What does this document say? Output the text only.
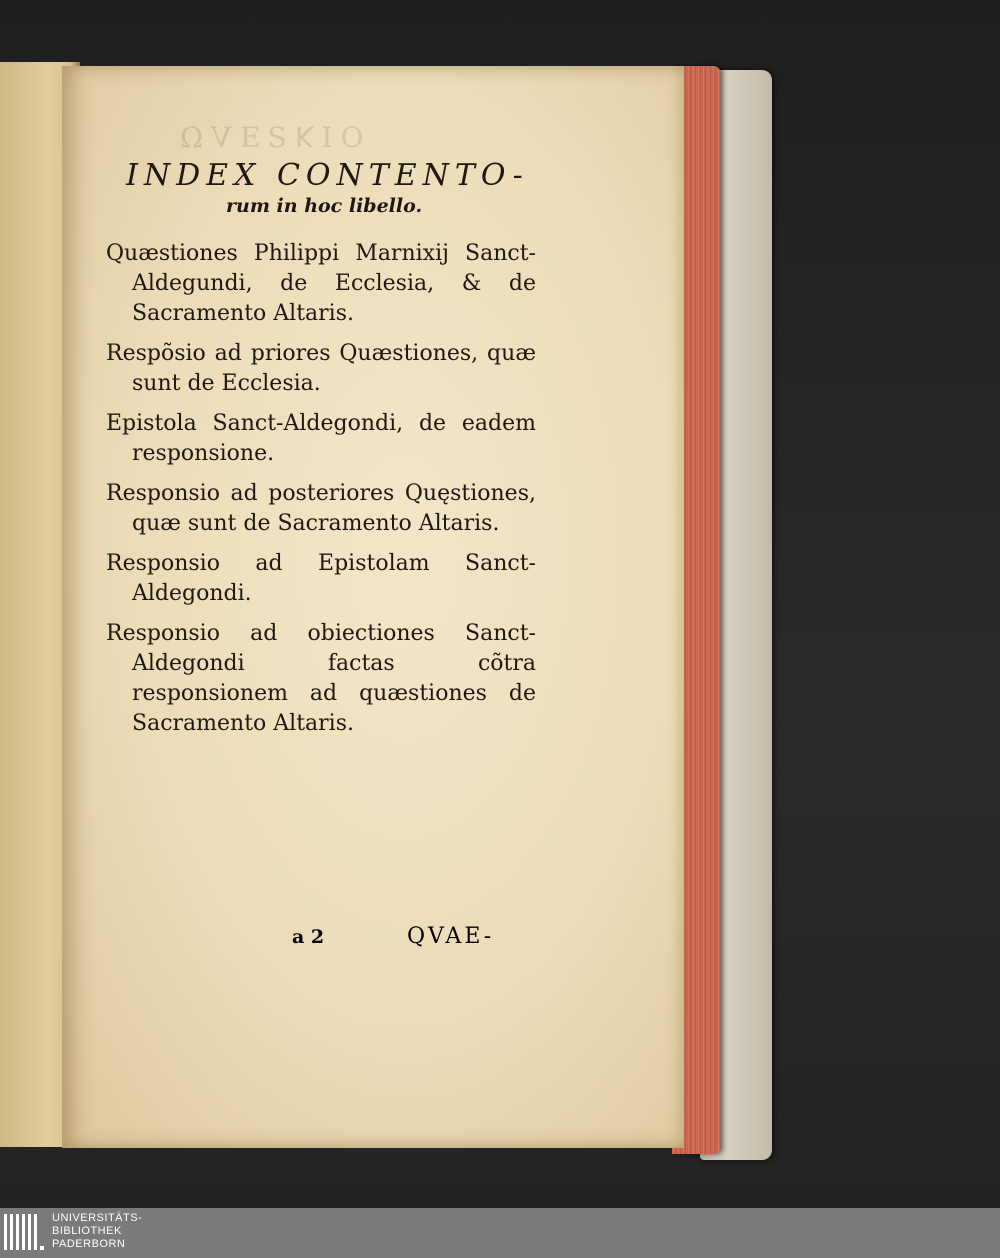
OIꓘƧƎVΩ
INDEX CONTENTO-
rum in hoc libello.
Quæstiones Philippi Marnixij Sanct-Aldegundi, de Ecclesia, & de Sacramento Altaris.
Respõsio ad priores Quæstiones, quæ sunt de Ecclesia.
Epistola Sanct-Aldegondi, de eadem responsione.
Responsio ad posteriores Quęstiones, quæ sunt de Sacramento Altaris.
Responsio ad Epistolam Sanct-Aldegondi.
Responsio ad obiectiones Sanct-Aldegondi factas cõtra responsionem ad quæstiones de Sacramento Altaris.
a 2	QVAE-

UNIVERSITÄTS-
BIBLIOTHEK
PADERBORN
